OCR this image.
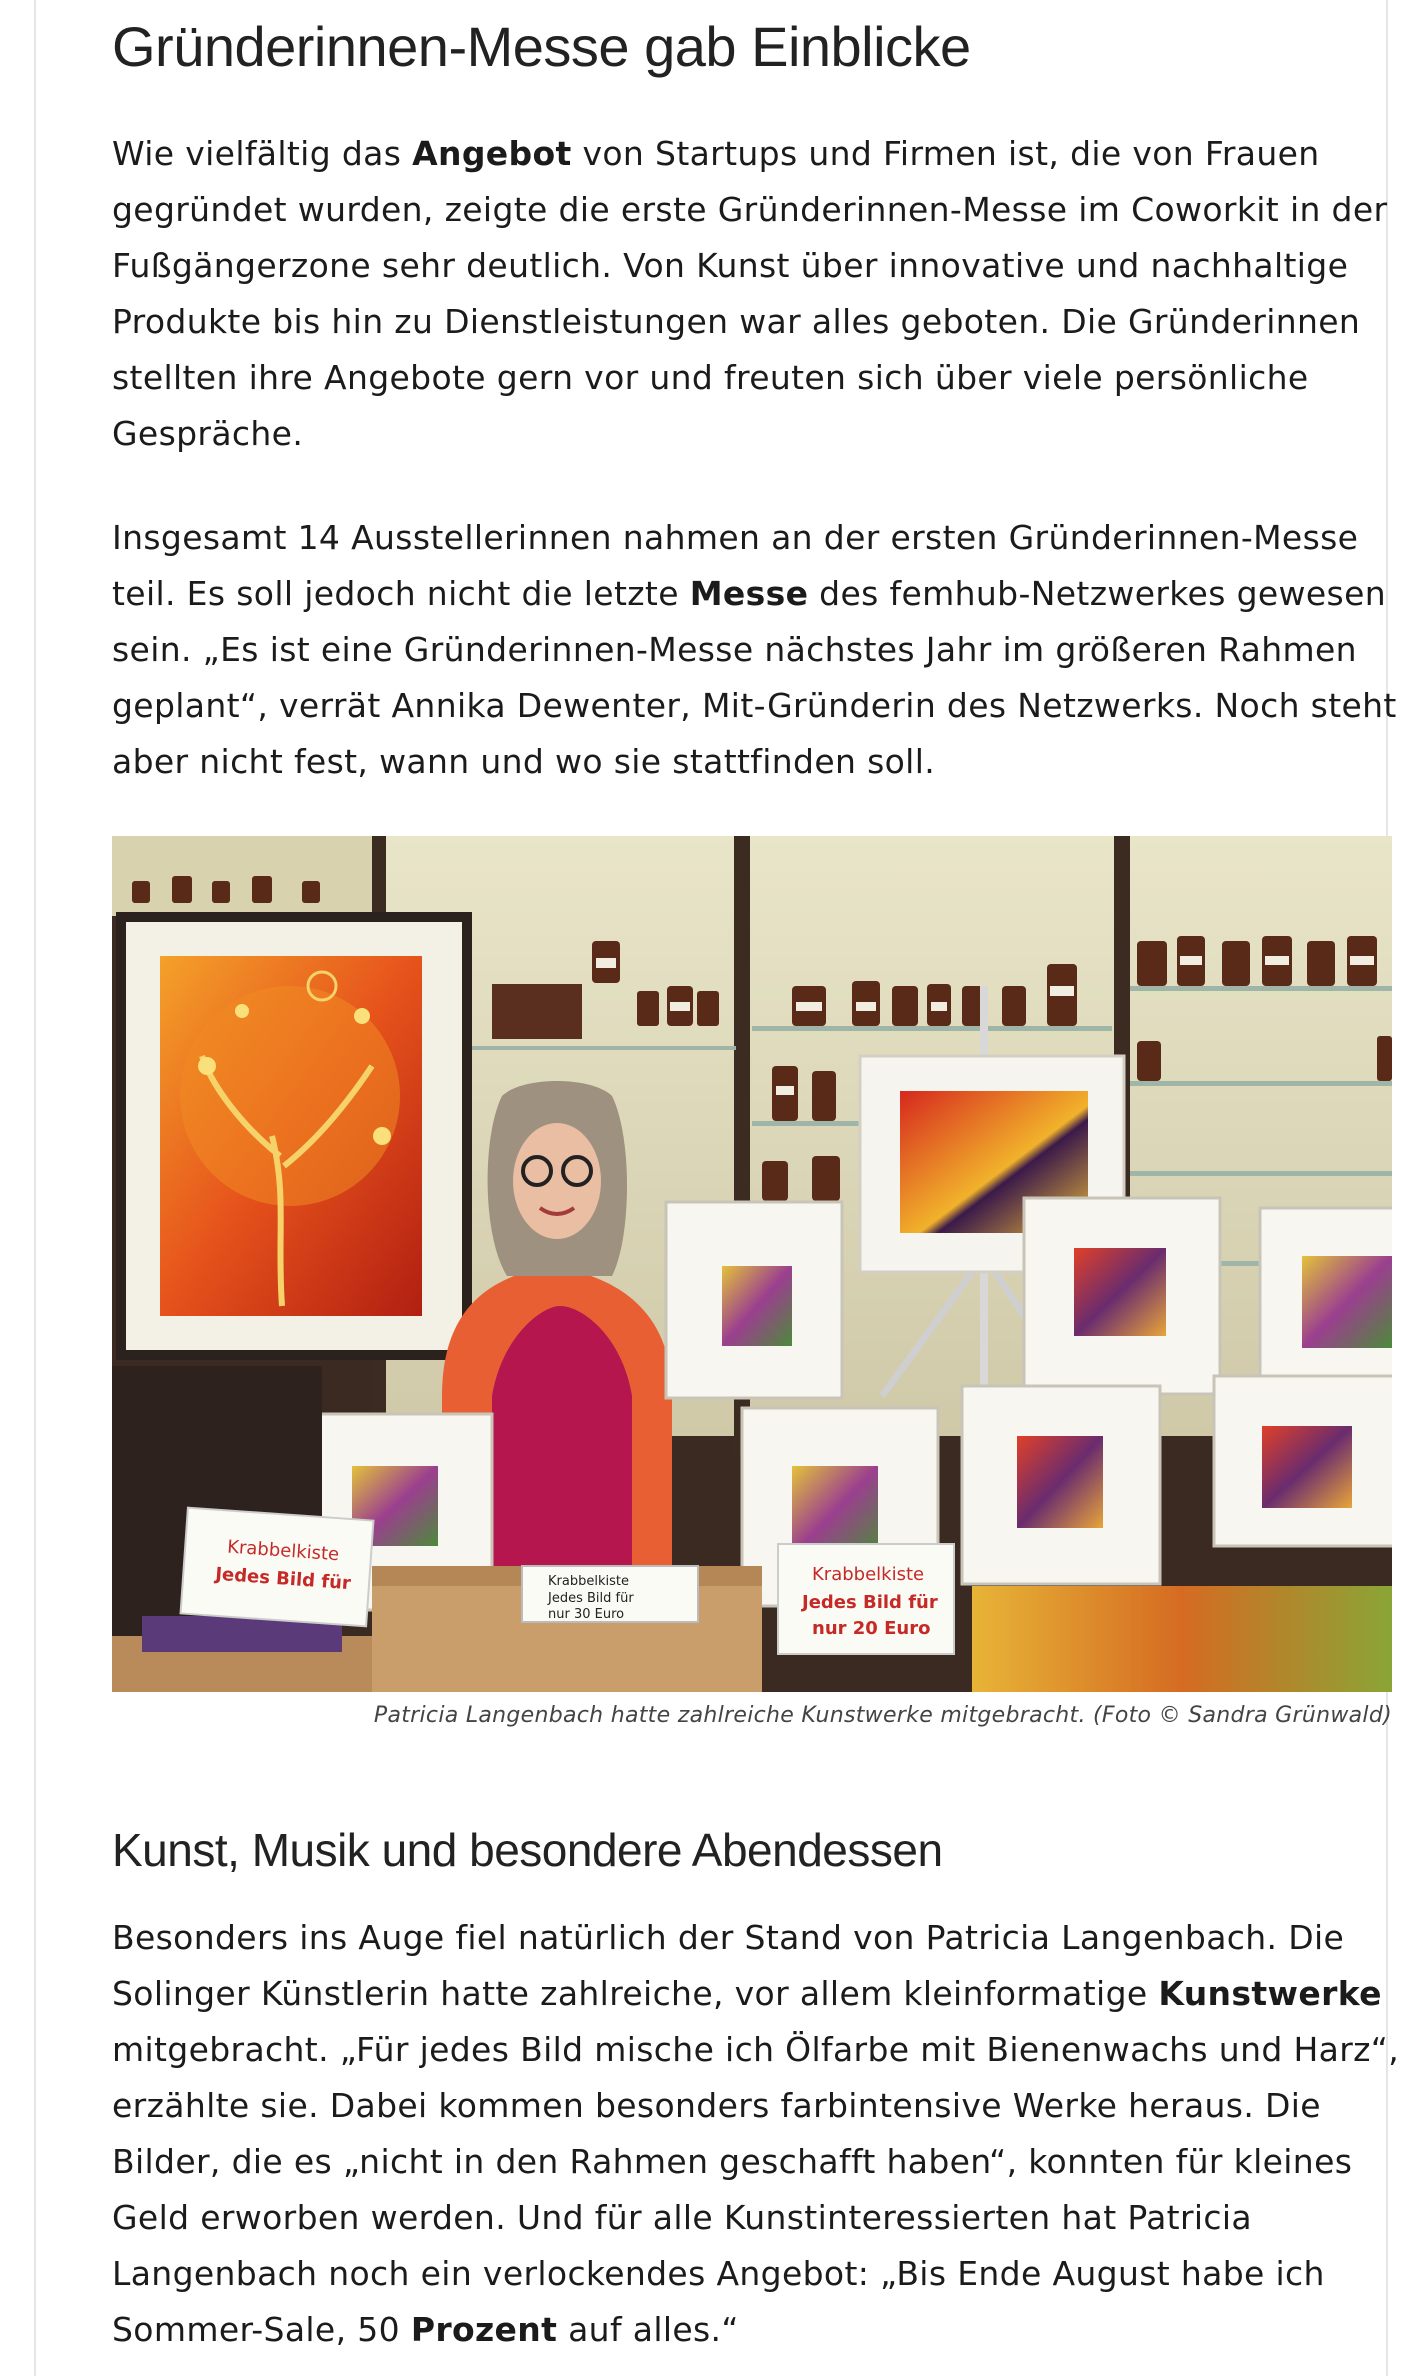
Gründerinnen-Messe gab Einblicke

Wie vielfältig das Angebot von Startups und Firmen ist, die von Frauen gegründet wurden, zeigte die erste Gründerinnen-Messe im Coworkit in der Fußgängerzone sehr deutlich. Von Kunst über innovative und nachhaltige Produkte bis hin zu Dienstleistungen war alles geboten. Die Gründerinnen stellten ihre Angebote gern vor und freuten sich über viele persönliche Gespräche.

Insgesamt 14 Ausstellerinnen nahmen an der ersten Gründerinnen-Messe teil. Es soll jedoch nicht die letzte Messe des femhub-Netzwerkes gewesen sein. „Es ist eine Gründerinnen-Messe nächstes Jahr im größeren Rahmen geplant“, verrät Annika Dewenter, Mit-Gründerin des Netzwerks. Noch steht aber nicht fest, wann und wo sie stattfinden soll.

Krabbelkiste
Jedes Bild für	Krabbelkiste
Jedes Bild für
nur 30 Euro
Krabbelkiste
Jedes Bild für
nur 20 Euro
Patricia Langenbach hatte zahlreiche Kunstwerke mitgebracht. (Foto © Sandra Grünwald)
Kunst, Musik und besondere Abendessen

Besonders ins Auge fiel natürlich der Stand von Patricia Langenbach. Die Solinger Künstlerin hatte zahlreiche, vor allem kleinformatige Kunstwerke mitgebracht. „Für jedes Bild mische ich Ölfarbe mit Bienenwachs und Harz“, erzählte sie. Dabei kommen besonders farbintensive Werke heraus. Die Bilder, die es „nicht in den Rahmen geschafft haben“, konnten für kleines Geld erworben werden. Und für alle Kunstinteressierten hat Patricia Langenbach noch ein verlockendes Angebot: „Bis Ende August habe ich Sommer-Sale, 50 Prozent auf alles.“
